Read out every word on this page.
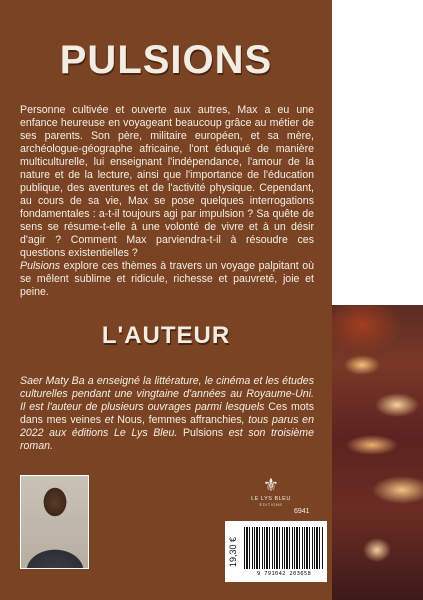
PULSIONS

Personne cultivée et ouverte aux autres, Max a eu une enfance heureuse en voyageant beaucoup grâce au métier de ses parents. Son père, militaire européen, et sa mère, archéologue-géographe africaine, l'ont éduqué de manière multiculturelle, lui enseignant l'indépendance, l'amour de la nature et de la lecture, ainsi que l'importance de l'éducation publique, des aventures et de l'activité physique. Cependant, au cours de sa vie, Max se pose quelques interrogations fondamentales : a-t-il toujours agi par impulsion ? Sa quête de sens se résume-t-elle à une volonté de vivre et à un désir d'agir ? Comment Max parviendra-t-il à résoudre ces questions existentielles ?

Pulsions explore ces thèmes à travers un voyage palpitant où se mêlent sublime et ridicule, richesse et pauvreté, joie et peine.

L'AUTEUR
Saer Maty Ba a enseigné la littérature, le cinéma et les études culturelles pendant une vingtaine d'années au Royaume-Uni. Il est l'auteur de plusieurs ouvrages parmi lesquels Ces mots dans mes veines et Nous, femmes affranchies, tous parus en 2022 aux éditions Le Lys Bleu. Pulsions est son troisième roman.
⚜
LE LYS BLEU
ÉDITIONS
6941
19,30 €
9 791042 203658
